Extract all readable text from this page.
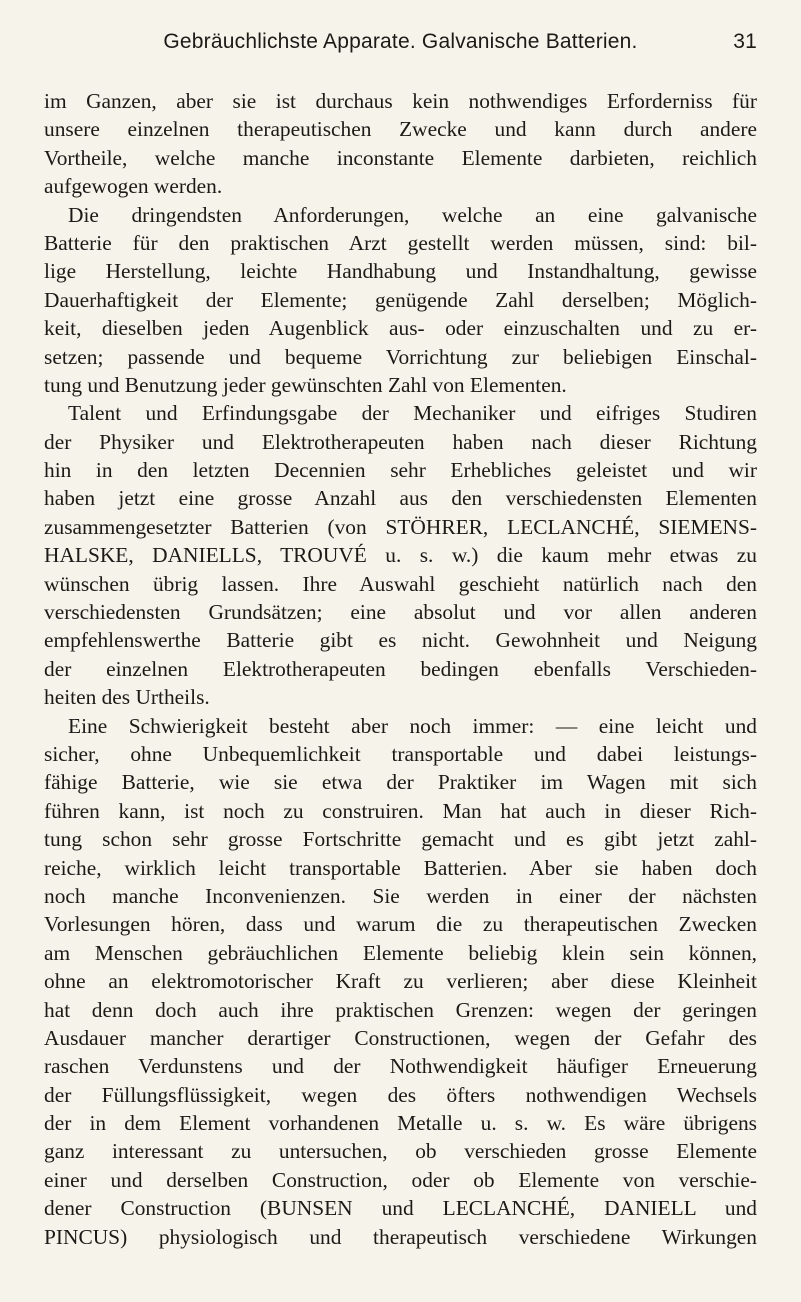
Gebräuchlichste Apparate. Galvanische Batterien.	31
im Ganzen, aber sie ist durchaus kein nothwendiges Erforderniss für
unsere einzelnen therapeutischen Zwecke und kann durch andere
Vortheile, welche manche inconstante Elemente darbieten, reichlich
aufgewogen werden.
Die dringendsten Anforderungen, welche an eine galvanische
Batterie für den praktischen Arzt gestellt werden müssen, sind: bil-
lige Herstellung, leichte Handhabung und Instandhaltung, gewisse
Dauerhaftigkeit der Elemente; genügende Zahl derselben; Möglich-
keit, dieselben jeden Augenblick aus- oder einzuschalten und zu er-
setzen; passende und bequeme Vorrichtung zur beliebigen Einschal-
tung und Benutzung jeder gewünschten Zahl von Elementen.
Talent und Erfindungsgabe der Mechaniker und eifriges Studiren
der Physiker und Elektrotherapeuten haben nach dieser Richtung
hin in den letzten Decennien sehr Erhebliches geleistet und wir
haben jetzt eine grosse Anzahl aus den verschiedensten Elementen
zusammengesetzter Batterien (von STÖHRER, LECLANCHÉ, SIEMENS-
HALSKE, DANIELLS, TROUVÉ u. s. w.) die kaum mehr etwas zu
wünschen übrig lassen. Ihre Auswahl geschieht natürlich nach den
verschiedensten Grundsätzen; eine absolut und vor allen anderen
empfehlenswerthe Batterie gibt es nicht. Gewohnheit und Neigung
der einzelnen Elektrotherapeuten bedingen ebenfalls Verschieden-
heiten des Urtheils.
Eine Schwierigkeit besteht aber noch immer: — eine leicht und
sicher, ohne Unbequemlichkeit transportable und dabei leistungs-
fähige Batterie, wie sie etwa der Praktiker im Wagen mit sich
führen kann, ist noch zu construiren. Man hat auch in dieser Rich-
tung schon sehr grosse Fortschritte gemacht und es gibt jetzt zahl-
reiche, wirklich leicht transportable Batterien. Aber sie haben doch
noch manche Inconvenienzen. Sie werden in einer der nächsten
Vorlesungen hören, dass und warum die zu therapeutischen Zwecken
am Menschen gebräuchlichen Elemente beliebig klein sein können,
ohne an elektromotorischer Kraft zu verlieren; aber diese Kleinheit
hat denn doch auch ihre praktischen Grenzen: wegen der geringen
Ausdauer mancher derartiger Constructionen, wegen der Gefahr des
raschen Verdunstens und der Nothwendigkeit häufiger Erneuerung
der Füllungsflüssigkeit, wegen des öfters nothwendigen Wechsels
der in dem Element vorhandenen Metalle u. s. w. Es wäre übrigens
ganz interessant zu untersuchen, ob verschieden grosse Elemente
einer und derselben Construction, oder ob Elemente von verschie-
dener Construction (BUNSEN und LECLANCHÉ, DANIELL und
PINCUS) physiologisch und therapeutisch verschiedene Wirkungen
